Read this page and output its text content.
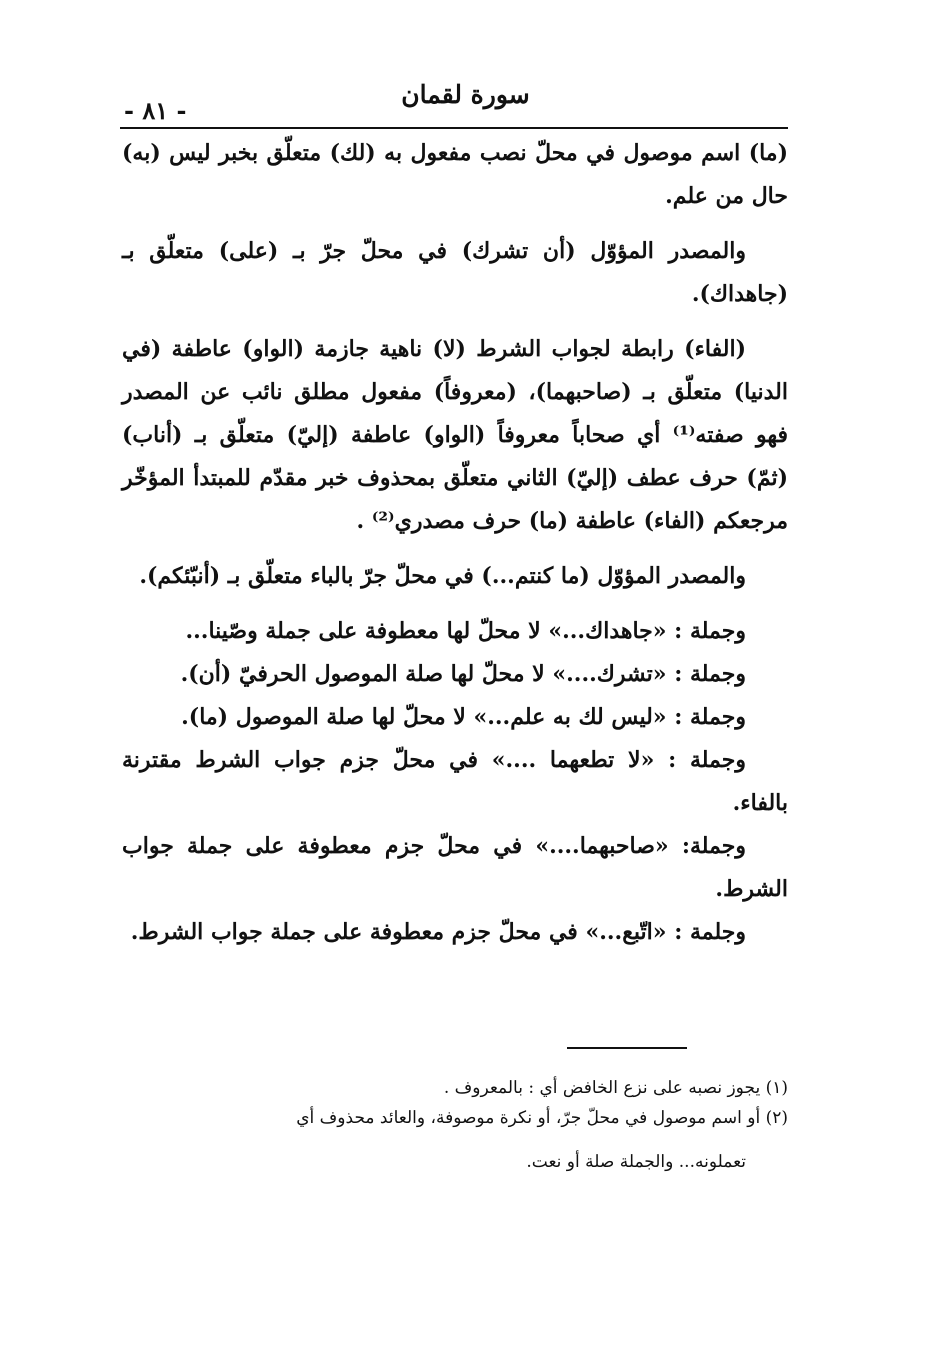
سورة لقمان
- ٨١ -

(ما) اسم موصول في محلّ نصب مفعول به (لك) متعلّق بخبر ليس (به) حال من علم.

والمصدر المؤوّل (أن تشرك) في محلّ جرّ بـ (على) متعلّق بـ (جاهداك).

(الفاء) رابطة لجواب الشرط (لا) ناهية جازمة (الواو) عاطفة (في الدنيا) متعلّق بـ (صاحبهما)، (معروفاً) مفعول مطلق نائب عن المصدر فهو صفته⁽¹⁾ أي صحاباً معروفاً (الواو) عاطفة (إليّ) متعلّق بـ (أناب) (ثمّ) حرف عطف (إليّ) الثاني متعلّق بمحذوف خبر مقدّم للمبتدأ المؤخّر مرجعكم (الفاء) عاطفة (ما) حرف مصدري⁽²⁾ .

والمصدر المؤوّل (ما كنتم...) في محلّ جرّ بالباء متعلّق بـ (أنبّئكم).

وجملة : «جاهداك...» لا محلّ لها معطوفة على جملة وصّينا...

وجملة : «تشرك....» لا محلّ لها صلة الموصول الحرفيّ (أن).

وجملة : «ليس لك به علم...» لا محلّ لها صلة الموصول (ما).

وجملة : «لا تطعهما ....» في محلّ جزم جواب الشرط مقترنة بالفاء.

وجملة: «صاحبهما....» في محلّ جزم معطوفة على جملة جواب الشرط.

وجلمة : «اتّبع...» في محلّ جزم معطوفة على جملة جواب الشرط.

(١) يجوز نصبه على نزع الخافض أي : بالمعروف .

(٢) أو اسم موصول في محلّ جرّ، أو نكرة موصوفة، والعائد محذوف أي

تعملونه... والجملة صلة أو نعت.
